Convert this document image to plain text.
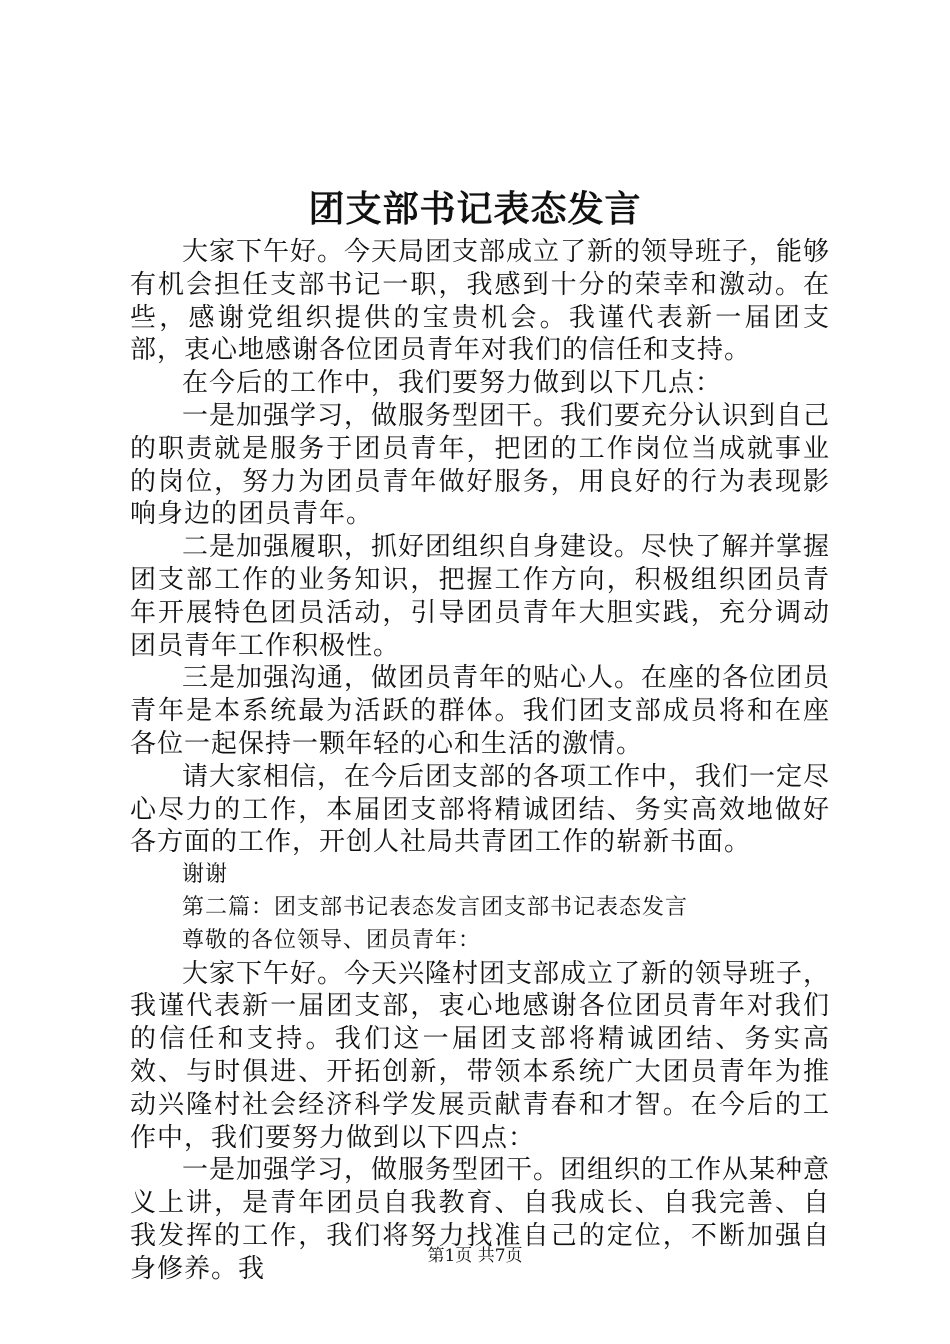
团支部书记表态发言

大家下午好。今天局团支部成立了新的领导班子，能够有机会担任支部书记一职，我感到十分的荣幸和激动。在些，感谢党组织提供的宝贵机会。我谨代表新一届团支部，衷心地感谢各位团员青年对我们的信任和支持。

在今后的工作中，我们要努力做到以下几点：

一是加强学习，做服务型团干。我们要充分认识到自己的职责就是服务于团员青年，把团的工作岗位当成就事业的岗位，努力为团员青年做好服务，用良好的行为表现影响身边的团员青年。

二是加强履职，抓好团组织自身建设。尽快了解并掌握团支部工作的业务知识，把握工作方向，积极组织团员青年开展特色团员活动，引导团员青年大胆实践，充分调动团员青年工作积极性。

三是加强沟通，做团员青年的贴心人。在座的各位团员青年是本系统最为活跃的群体。我们团支部成员将和在座各位一起保持一颗年轻的心和生活的激情。

请大家相信，在今后团支部的各项工作中，我们一定尽心尽力的工作，本届团支部将精诚团结、务实高效地做好各方面的工作，开创人社局共青团工作的崭新书面。

谢谢

第二篇：团支部书记表态发言团支部书记表态发言

尊敬的各位领导、团员青年：

大家下午好。今天兴隆村团支部成立了新的领导班子，我谨代表新一届团支部，衷心地感谢各位团员青年对我们的信任和支持。我们这一届团支部将精诚团结、务实高效、与时俱进、开拓创新，带领本系统广大团员青年为推动兴隆村社会经济科学发展贡献青春和才智。在今后的工作中，我们要努力做到以下四点：

一是加强学习，做服务型团干。团组织的工作从某种意义上讲，是青年团员自我教育、自我成长、自我完善、自我发挥的工作，我们将努力找准自己的定位，不断加强自身修养。我	第1页 共7页
